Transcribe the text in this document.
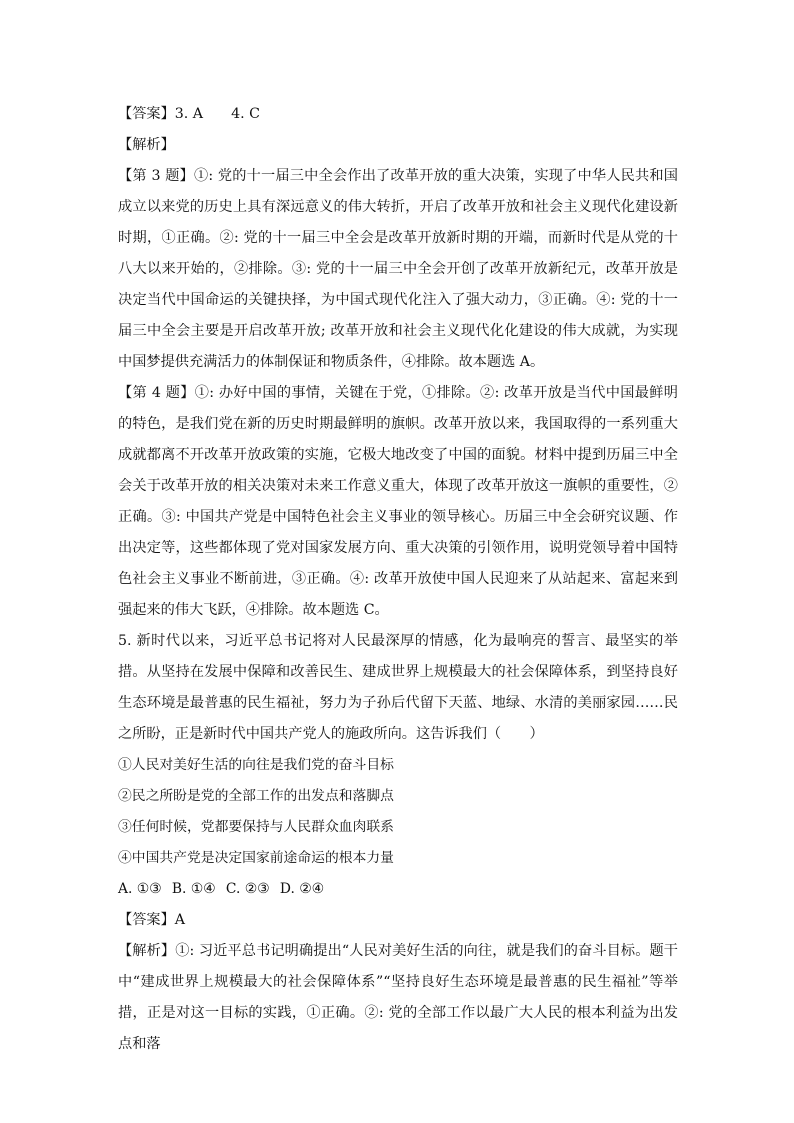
【答案】3. A 4. C
【解析】

【第 3 题】①: 党的十一届三中全会作出了改革开放的重大决策，实现了中华人民共和国成立以来党的历史上具有深远意义的伟大转折，开启了改革开放和社会主义现代化建设新时期，①正确。②: 党的十一届三中全会是改革开放新时期的开端，而新时代是从党的十八大以来开始的，②排除。③: 党的十一届三中全会开创了改革开放新纪元，改革开放是决定当代中国命运的关键抉择，为中国式现代化注入了强大动力，③正确。④: 党的十一届三中全会主要是开启改革开放; 改革开放和社会主义现代化化建设的伟大成就，为实现中国梦提供充满活力的体制保证和物质条件，④排除。故本题选 A。

【第 4 题】①: 办好中国的事情，关键在于党，①排除。②: 改革开放是当代中国最鲜明的特色，是我们党在新的历史时期最鲜明的旗帜。改革开放以来，我国取得的一系列重大成就都离不开改革开放政策的实施，它极大地改变了中国的面貌。材料中提到历届三中全会关于改革开放的相关决策对未来工作意义重大，体现了改革开放这一旗帜的重要性，②正确。③: 中国共产党是中国特色社会主义事业的领导核心。历届三中全会研究议题、作出决定等，这些都体现了党对国家发展方向、重大决策的引领作用，说明党领导着中国特色社会主义事业不断前进，③正确。④: 改革开放使中国人民迎来了从站起来、富起来到强起来的伟大飞跃，④排除。故本题选 C。

5. 新时代以来，习近平总书记将对人民最深厚的情感，化为最响亮的誓言、最坚实的举措。从坚持在发展中保障和改善民生、建成世界上规模最大的社会保障体系，到坚持良好生态环境是最普惠的民生福祉，努力为子孙后代留下天蓝、地绿、水清的美丽家园……民之所盼，正是新时代中国共产党人的施政所向。这告诉我们（　　）

①人民对美好生活的向往是我们党的奋斗目标
②民之所盼是党的全部工作的出发点和落脚点
③任何时候，党都要保持与人民群众血肉联系
④中国共产党是决定国家前途命运的根本力量
A. ①③ B. ①④ C. ②③ D. ②④
【答案】A

【解析】①: 习近平总书记明确提出“人民对美好生活的向往，就是我们的奋斗目标。题干中“建成世界上规模最大的社会保障体系”“坚持良好生态环境是最普惠的民生福祉”等举措，正是对这一目标的实践，①正确。②: 党的全部工作以最广大人民的根本利益为出发点和落
